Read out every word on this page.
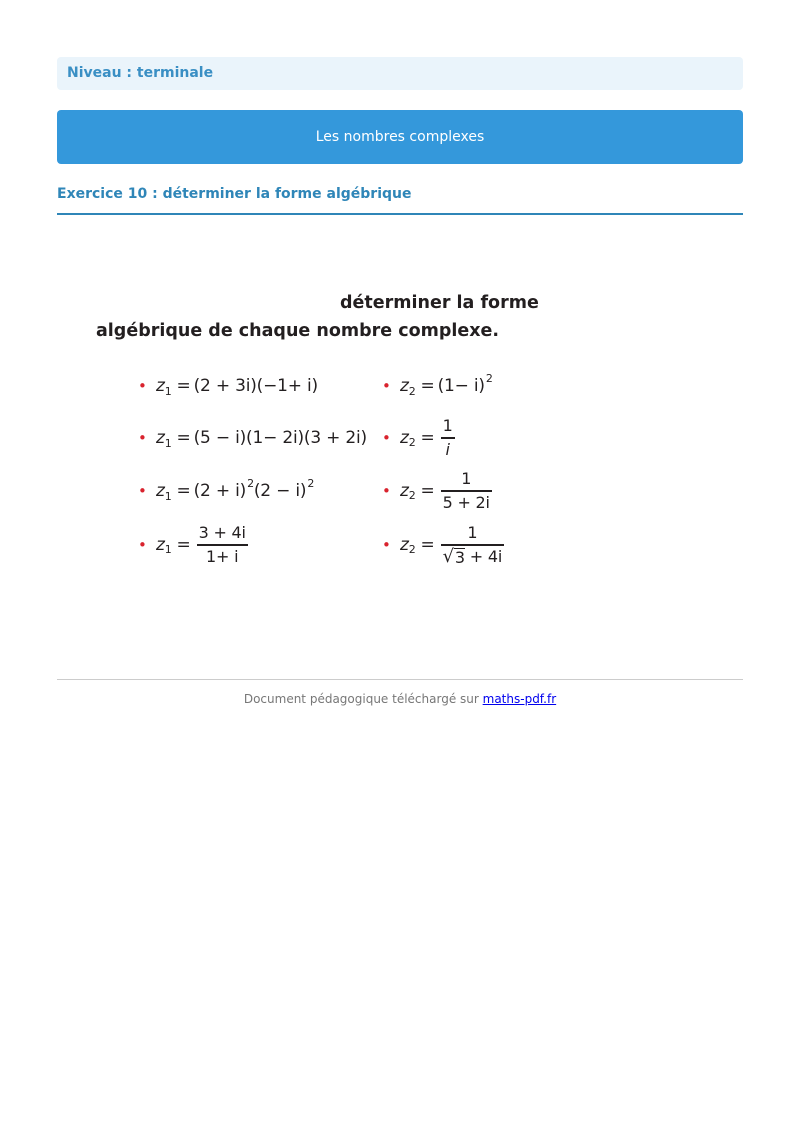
Niveau : terminale
Les nombres complexes
Exercice 10 : déterminer la forme algébrique
déterminer la forme
algébrique de chaque nombre complexe.
• z 1 = (2 + 3i)(−1+ i)
• z 1 = (5 − i)(1− 2i)(3 + 2i)
• z 1 = (2 + i) 2 (2 − i) 2
• z $1 = \frac{3 + 4i}{1+ i}$
• z 2 = (1− i) 2
• z $2 = \frac{1}{i}$
• z $2 = \frac{1}{5 + 2i}$
• z $2 = \frac{1}{√ 3 + 4i}$
Document pédagogique téléchargé sur maths-pdf.fr
